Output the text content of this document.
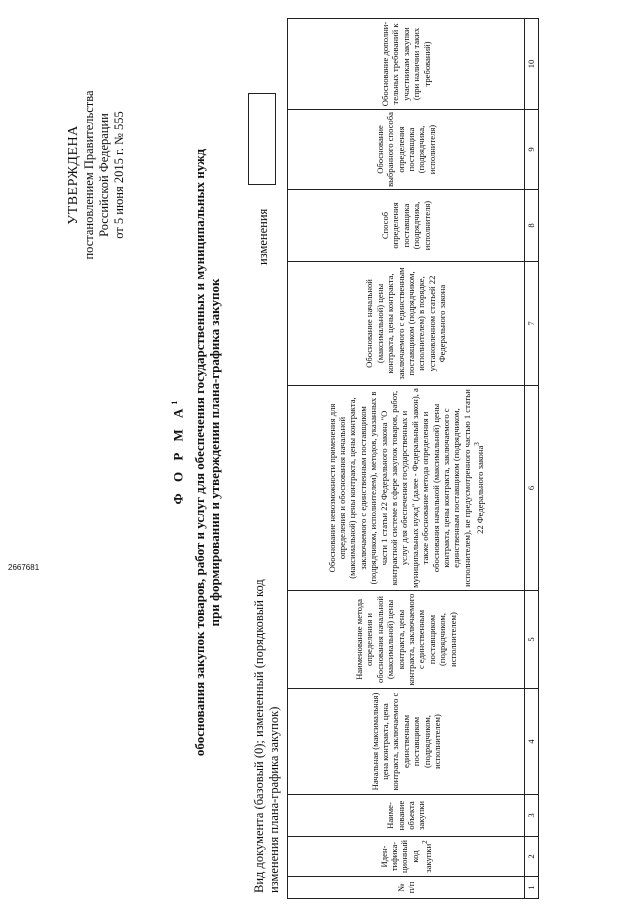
2667681
УТВЕРЖДЕНА постановлением Правительства Российской Федерации от 5 июня 2015 г. № 555
Ф О Р М $А^1$	обоснования закупок товаров, работ и услуг для обеспечения государственных и муниципальных нужд при формировании и утверждении плана-графика закупок
Вид документа (базовый (0); измененный (порядковый код изменения плана-графика закупок)
изменения
№ п/п	Иден-тифика-ционный код закупки$^2$	Наиме-нование объекта закупки	Начальная (максимальная) цена контракта, цена контракта, заключаемого с единственным поставщиком (подрядчиком, исполнителем)	Наименование метода определения и обоснования начальной (максимальной) цены контракта, цены контракта, заключаемого с единственным поставщиком (подрядчиком, исполнителем)	Обоснование невозможности применения для определения и обоснования начальной (максимальной) цены контракта, цены контракта, заключаемого с единственным поставщиком (подрядчиком, исполнителем), методов, указанных в части 1 статьи 22 Федерального закона "О контрактной системе в сфере закупок товаров, работ, услуг для обеспечения государственных и муниципальных нужд" (далее - Федеральный закон), а также обоснование метода определения и обоснования начальной (максимальной) цены контракта, цены контракта, заключаемого с единственным поставщиком (подрядчиком, исполнителем), не предусмотренного частью 1 статьи 22 Федерального закона$^3$	Обоснование начальной (максимальной) цены контракта, цены контракта, заключаемого с единственным поставщиком (подрядчиком, исполнителем) в порядке, установленном статьей 22 Федерального закона	Способ определения поставщика (подрядчика, исполнителя)	Обоснование выбранного способа определения поставщика (подрядчика, исполнителя)	Обоснование дополни-тельных требований к участникам закупки (при наличии таких требований)
1	2	3	4	5	6	7	8	9	10
